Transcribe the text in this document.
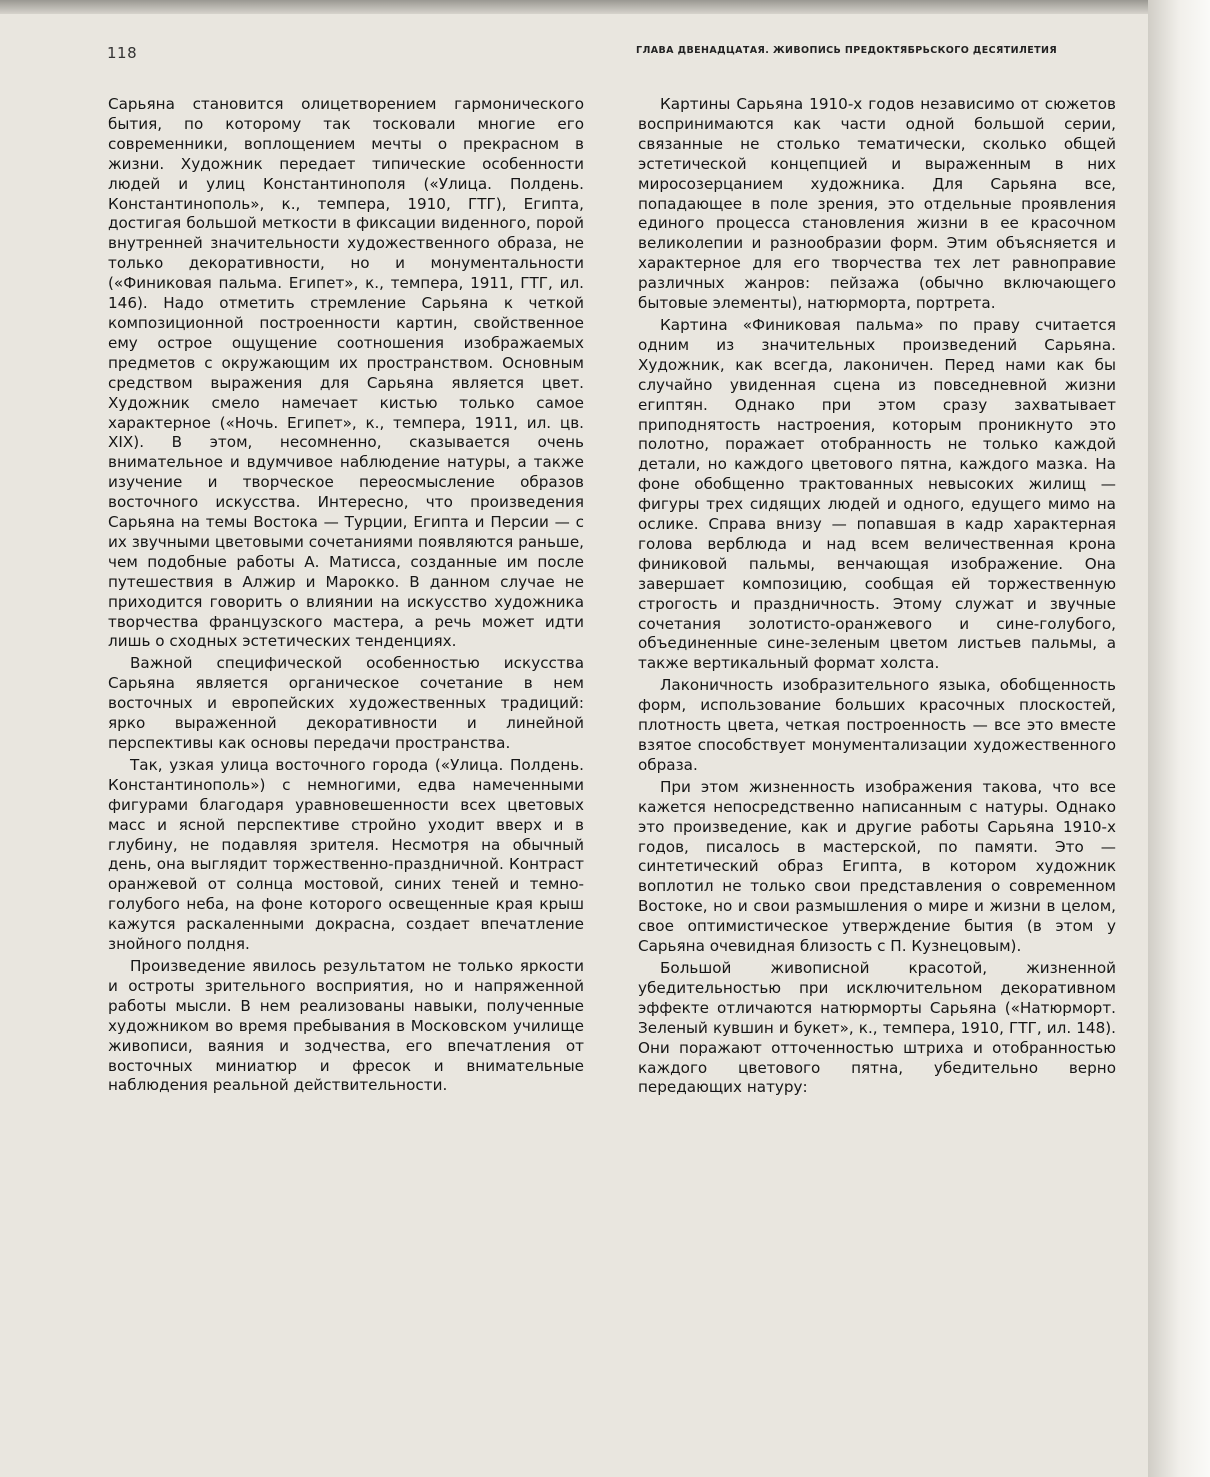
118	ГЛАВА ДВЕНАДЦАТАЯ. ЖИВОПИСЬ ПРЕДОКТЯБРЬСКОГО ДЕСЯТИЛЕТИЯ

Сарьяна становится олицетворением гармонического бытия, по которому так тосковали многие его современники, воплощением мечты о прекрасном в жизни. Художник передает типические особенности людей и улиц Константинополя («Улица. Полдень. Константинополь», к., темпера, 1910, ГТГ), Египта, достигая большой меткости в фиксации виденного, порой внутренней значительности художественного образа, не только декоративности, но и монументальности («Финиковая пальма. Египет», к., темпера, 1911, ГТГ, ил. 146). Надо отметить стремление Сарьяна к четкой композиционной построенности картин, свойственное ему острое ощущение соотношения изображаемых предметов с окружающим их пространством. Основным средством выражения для Сарьяна является цвет. Художник смело намечает кистью только самое характерное («Ночь. Египет», к., темпера, 1911, ил. цв. XIX). В этом, несомненно, сказывается очень внимательное и вдумчивое наблюдение натуры, а также изучение и творческое переосмысление образов восточного искусства. Интересно, что произведения Сарьяна на темы Востока — Турции, Египта и Персии — с их звучными цветовыми сочетаниями появляются раньше, чем подобные работы А. Матисса, созданные им после путешествия в Алжир и Марокко. В данном случае не приходится говорить о влиянии на искусство художника творчества французского мастера, а речь может идти лишь о сходных эстетических тенденциях.

Важной специфической особенностью искусства Сарьяна является органическое сочетание в нем восточных и европейских художественных традиций: ярко выраженной декоративности и линейной перспективы как основы передачи пространства.

Так, узкая улица восточного города («Улица. Полдень. Константинополь») с немногими, едва намеченными фигурами благодаря уравновешенности всех цветовых масс и ясной перспективе стройно уходит вверх и в глубину, не подавляя зрителя. Несмотря на обычный день, она выглядит торжественно-праздничной. Контраст оранжевой от солнца мостовой, синих теней и темно-голубого неба, на фоне которого освещенные края крыш кажутся раскаленными докрасна, создает впечатление знойного полдня.

Произведение явилось результатом не только яркости и остроты зрительного восприятия, но и напряженной работы мысли. В нем реализованы навыки, полученные художником во время пребывания в Московском училище живописи, ваяния и зодчества, его впечатления от восточных миниатюр и фресок и внимательные наблюдения реальной действительности.

Картины Сарьяна 1910-х годов независимо от сюжетов воспринимаются как части одной большой серии, связанные не столько тематически, сколько общей эстетической концепцией и выраженным в них миросозерцанием художника. Для Сарьяна все, попадающее в поле зрения, это отдельные проявления единого процесса становления жизни в ее красочном великолепии и разнообразии форм. Этим объясняется и характерное для его творчества тех лет равноправие различных жанров: пейзажа (обычно включающего бытовые элементы), натюрморта, портрета.

Картина «Финиковая пальма» по праву считается одним из значительных произведений Сарьяна. Художник, как всегда, лаконичен. Перед нами как бы случайно увиденная сцена из повседневной жизни египтян. Однако при этом сразу захватывает приподнятость настроения, которым проникнуто это полотно, поражает отобранность не только каждой детали, но каждого цветового пятна, каждого мазка. На фоне обобщенно трактованных невысоких жилищ — фигуры трех сидящих людей и одного, едущего мимо на ослике. Справа внизу — попавшая в кадр характерная голова верблюда и над всем величественная крона финиковой пальмы, венчающая изображение. Она завершает композицию, сообщая ей торжественную строгость и праздничность. Этому служат и звучные сочетания золотисто-оранжевого и сине-голубого, объединенные сине-зеленым цветом листьев пальмы, а также вертикальный формат холста.

Лаконичность изобразительного языка, обобщенность форм, использование больших красочных плоскостей, плотность цвета, четкая построенность — все это вместе взятое способствует монументализации художественного образа.

При этом жизненность изображения такова, что все кажется непосредственно написанным с натуры. Однако это произведение, как и другие работы Сарьяна 1910-х годов, писалось в мастерской, по памяти. Это — синтетический образ Египта, в котором художник воплотил не только свои представления о современном Востоке, но и свои размышления о мире и жизни в целом, свое оптимистическое утверждение бытия (в этом у Сарьяна очевидная близость с П. Кузнецовым).

Большой живописной красотой, жизненной убедительностью при исключительном декоративном эффекте отличаются натюрморты Сарьяна («Натюрморт. Зеленый кувшин и букет», к., темпера, 1910, ГТГ, ил. 148). Они поражают отточенностью штриха и отобранностью каждого цветового пятна, убедительно верно передающих натуру:
